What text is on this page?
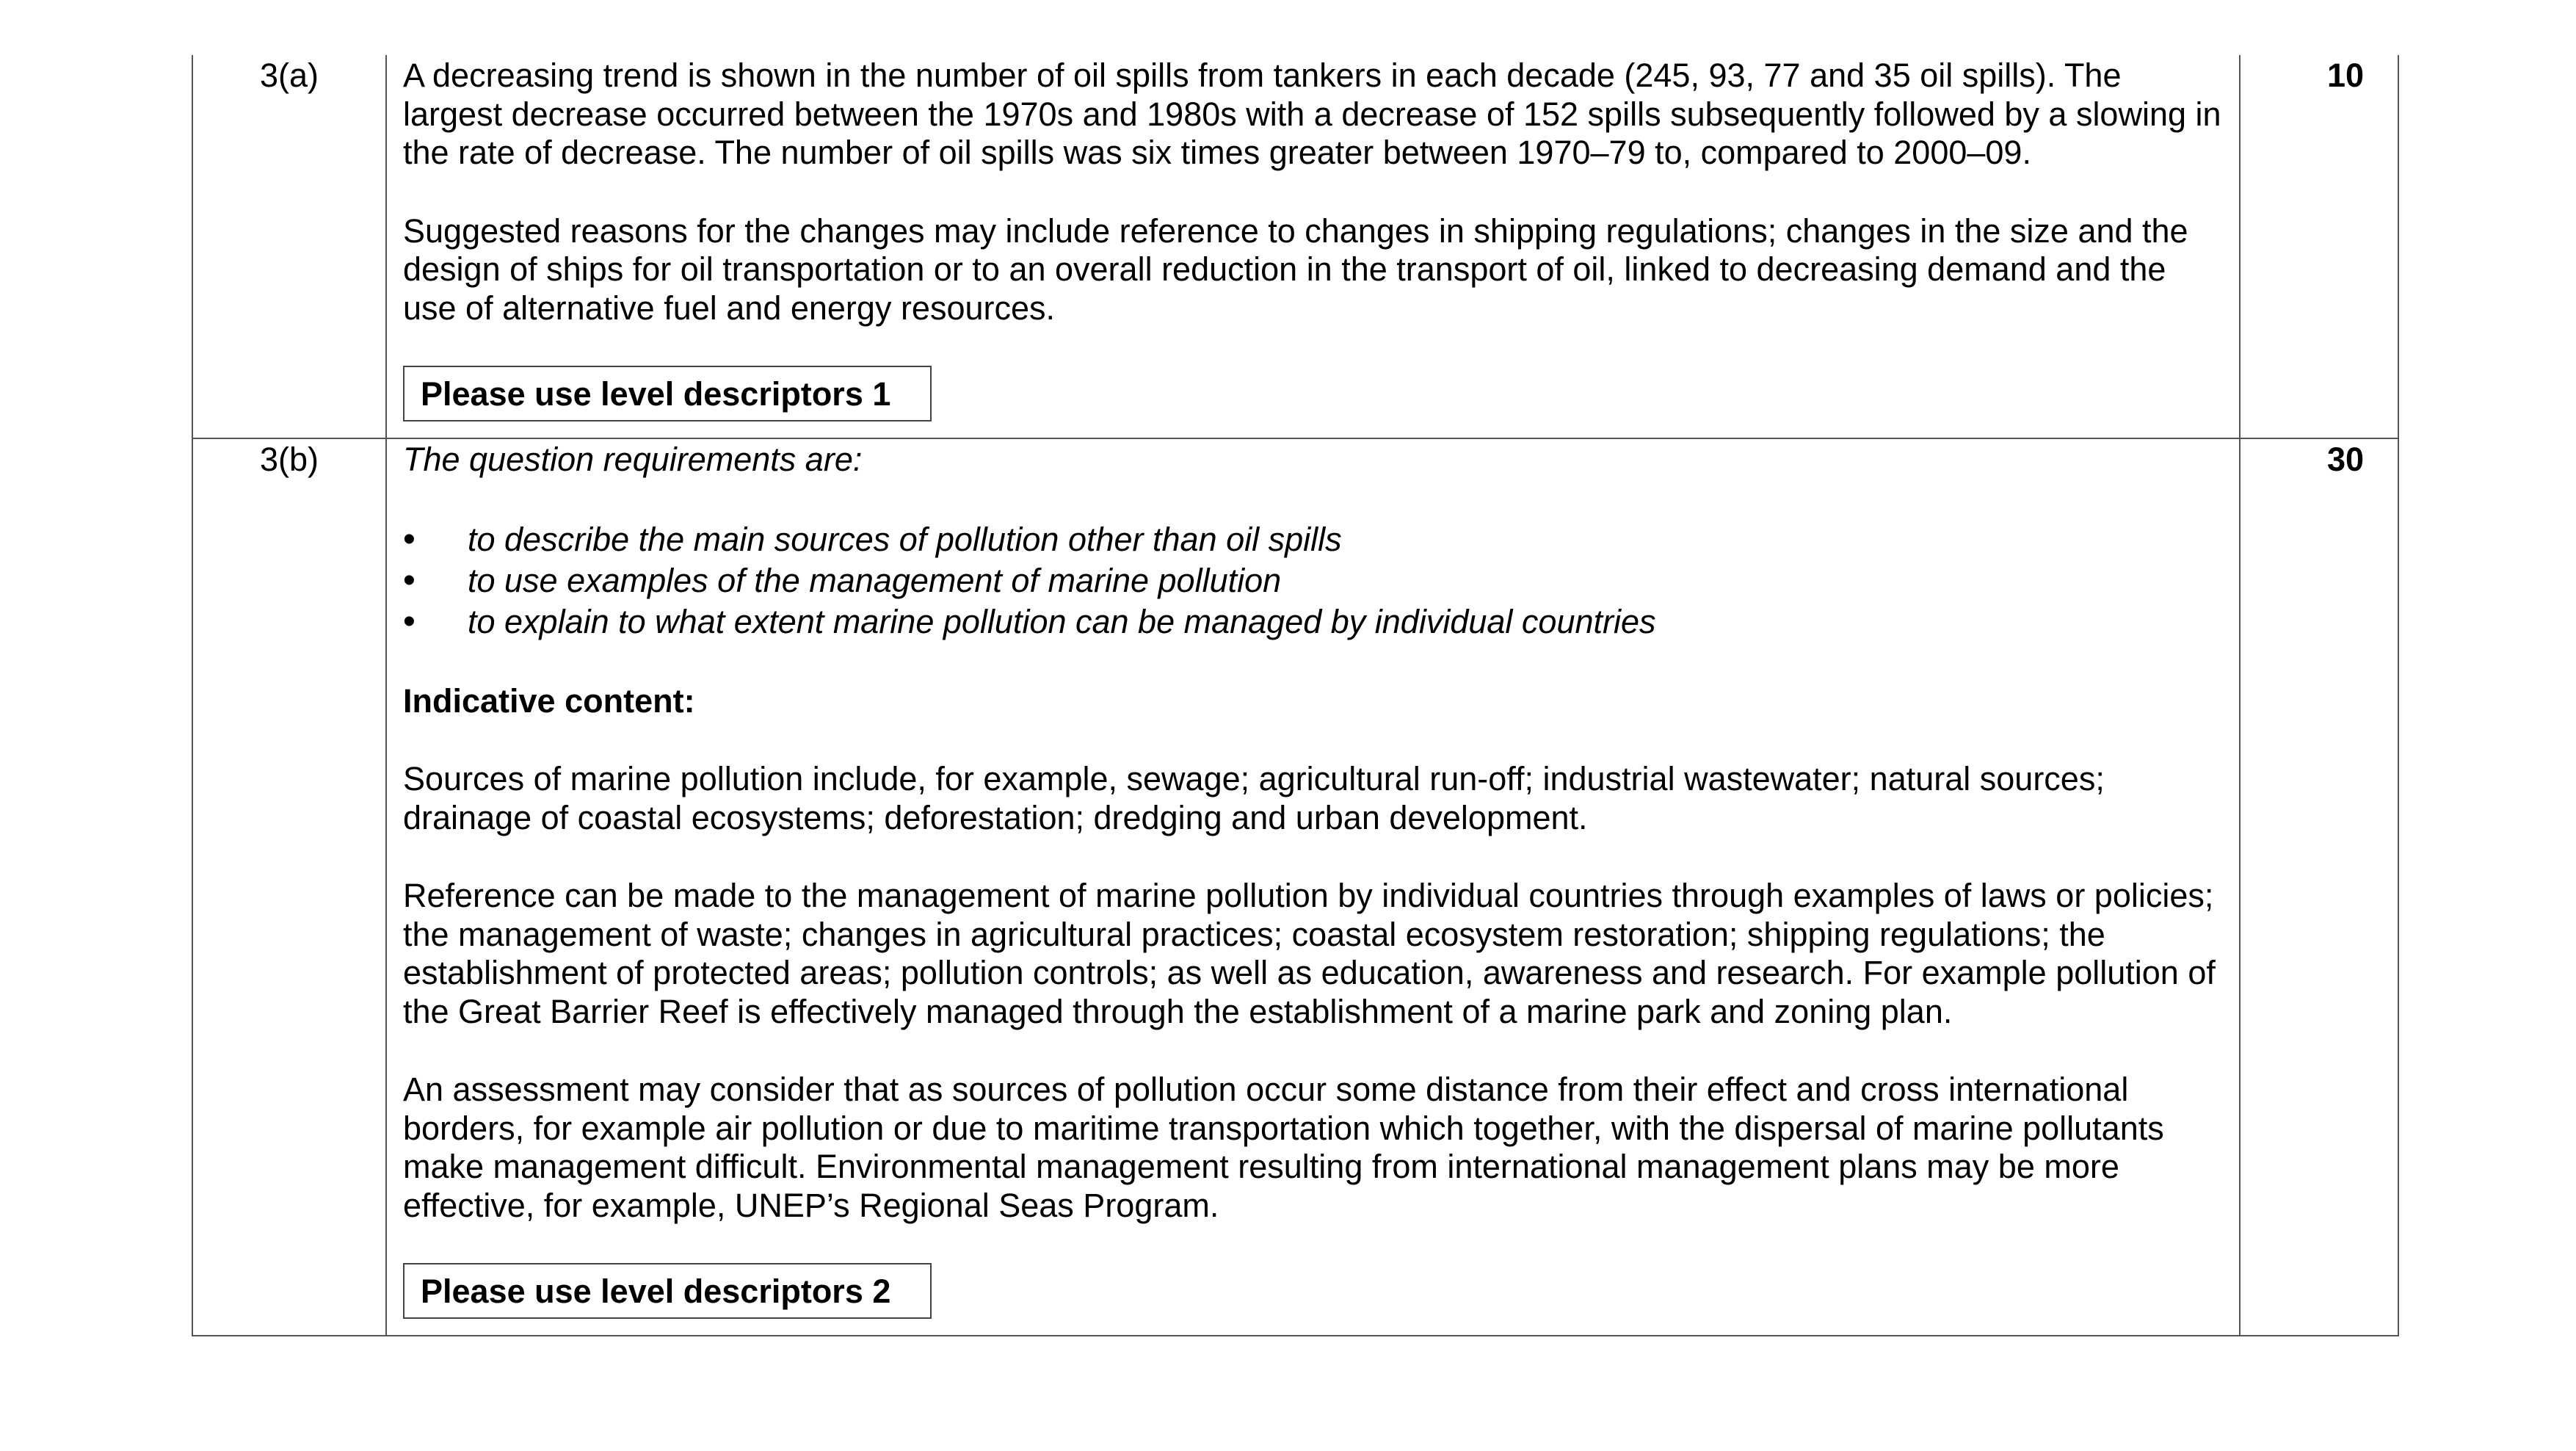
3(a)	A decreasing trend is shown in the number of oil spills from tankers in each decade (245, 93, 77 and 35 oil spills). The largest decrease occurred between the 1970s and 1980s with a decrease of 152 spills subsequently followed by a slowing in the rate of decrease. The number of oil spills was six times greater between 1970–79 to, compared to 2000–09.

Suggested reasons for the changes may include reference to changes in shipping regulations; changes in the size and the design of ships for oil transportation or to an overall reduction in the transport of oil, linked to decreasing demand and the use of alternative fuel and energy resources.

Please use level descriptors 1
10
3(b)	The question requirements are:

• to describe the main sources of pollution other than oil spills
• to use examples of the management of marine pollution
• to explain to what extent marine pollution can be managed by individual countries

Indicative content:

Sources of marine pollution include, for example, sewage; agricultural run-off; industrial wastewater; natural sources; drainage of coastal ecosystems; deforestation; dredging and urban development.

Reference can be made to the management of marine pollution by individual countries through examples of laws or policies; the management of waste; changes in agricultural practices; coastal ecosystem restoration; shipping regulations; the establishment of protected areas; pollution controls; as well as education, awareness and research. For example pollution of the Great Barrier Reef is effectively managed through the establishment of a marine park and zoning plan.

An assessment may consider that as sources of pollution occur some distance from their effect and cross international borders, for example air pollution or due to maritime transportation which together, with the dispersal of marine pollutants make management difficult. Environmental management resulting from international management plans may be more effective, for example, UNEP’s Regional Seas Program.

Please use level descriptors 2
30
